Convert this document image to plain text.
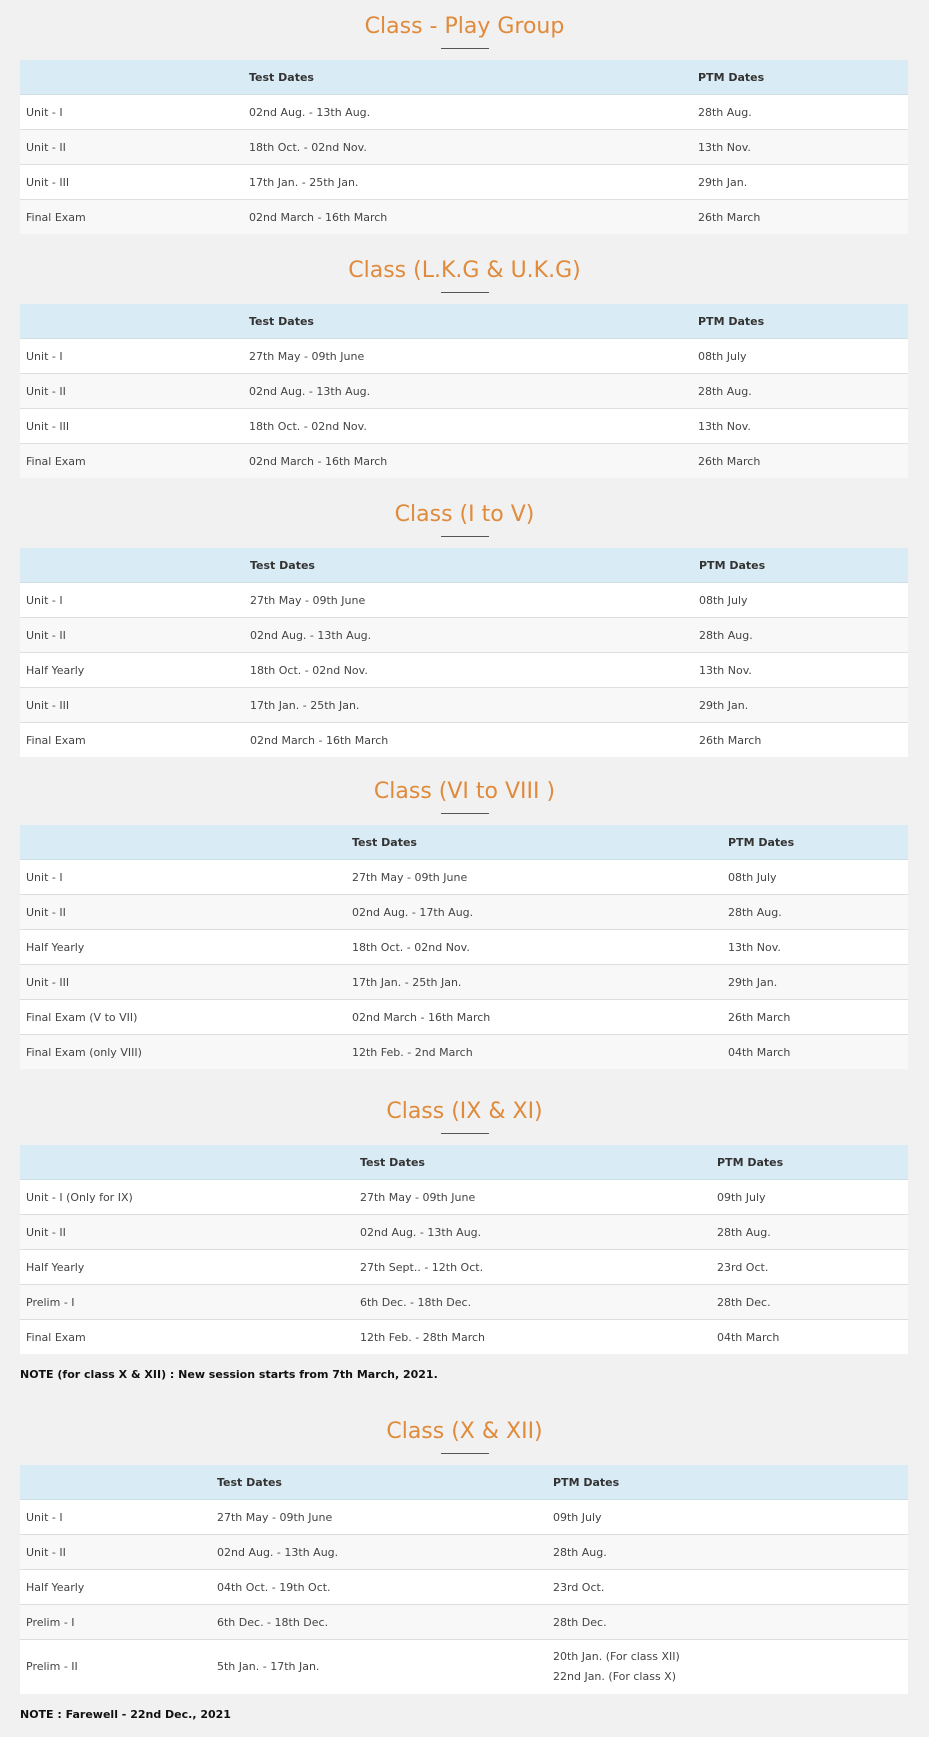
Class - Play Group
	Test Dates	PTM Dates
Unit - I	02nd Aug. - 13th Aug.	28th Aug.
Unit - II	18th Oct. - 02nd Nov.	13th Nov.
Unit - III	17th Jan. - 25th Jan.	29th Jan.
Final Exam	02nd March - 16th March	26th March
Class (L.K.G & U.K.G)
	Test Dates	PTM Dates
Unit - I	27th May - 09th June	08th July
Unit - II	02nd Aug. - 13th Aug.	28th Aug.
Unit - III	18th Oct. - 02nd Nov.	13th Nov.
Final Exam	02nd March - 16th March	26th March
Class (I to V)
	Test Dates	PTM Dates
Unit - I	27th May - 09th June	08th July
Unit - II	02nd Aug. - 13th Aug.	28th Aug.
Half Yearly	18th Oct. - 02nd Nov.	13th Nov.
Unit - III	17th Jan. - 25th Jan.	29th Jan.
Final Exam	02nd March - 16th March	26th March
Class (VI to VIII )
	Test Dates	PTM Dates
Unit - I	27th May - 09th June	08th July
Unit - II	02nd Aug. - 17th Aug.	28th Aug.
Half Yearly	18th Oct. - 02nd Nov.	13th Nov.
Unit - III	17th Jan. - 25th Jan.	29th Jan.
Final Exam (V to VII)	02nd March - 16th March	26th March
Final Exam (only VIII)	12th Feb. - 2nd March	04th March
Class (IX & XI)
	Test Dates	PTM Dates
Unit - I (Only for IX)	27th May - 09th June	09th July
Unit - II	02nd Aug. - 13th Aug.	28th Aug.
Half Yearly	27th Sept.. - 12th Oct.	23rd Oct.
Prelim - I	6th Dec. - 18th Dec.	28th Dec.
Final Exam	12th Feb. - 28th March	04th March

NOTE (for class X & XII) : New session starts from 7th March, 2021.

Class (X & XII)
	Test Dates	PTM Dates
Unit - I	27th May - 09th June	09th July
Unit - II	02nd Aug. - 13th Aug.	28th Aug.
Half Yearly	04th Oct. - 19th Oct.	23rd Oct.
Prelim - I	6th Dec. - 18th Dec.	28th Dec.
Prelim - II	5th Jan. - 17th Jan.	20th Jan. (For class XII)
22nd Jan. (For class X)

NOTE : Farewell - 22nd Dec., 2021
